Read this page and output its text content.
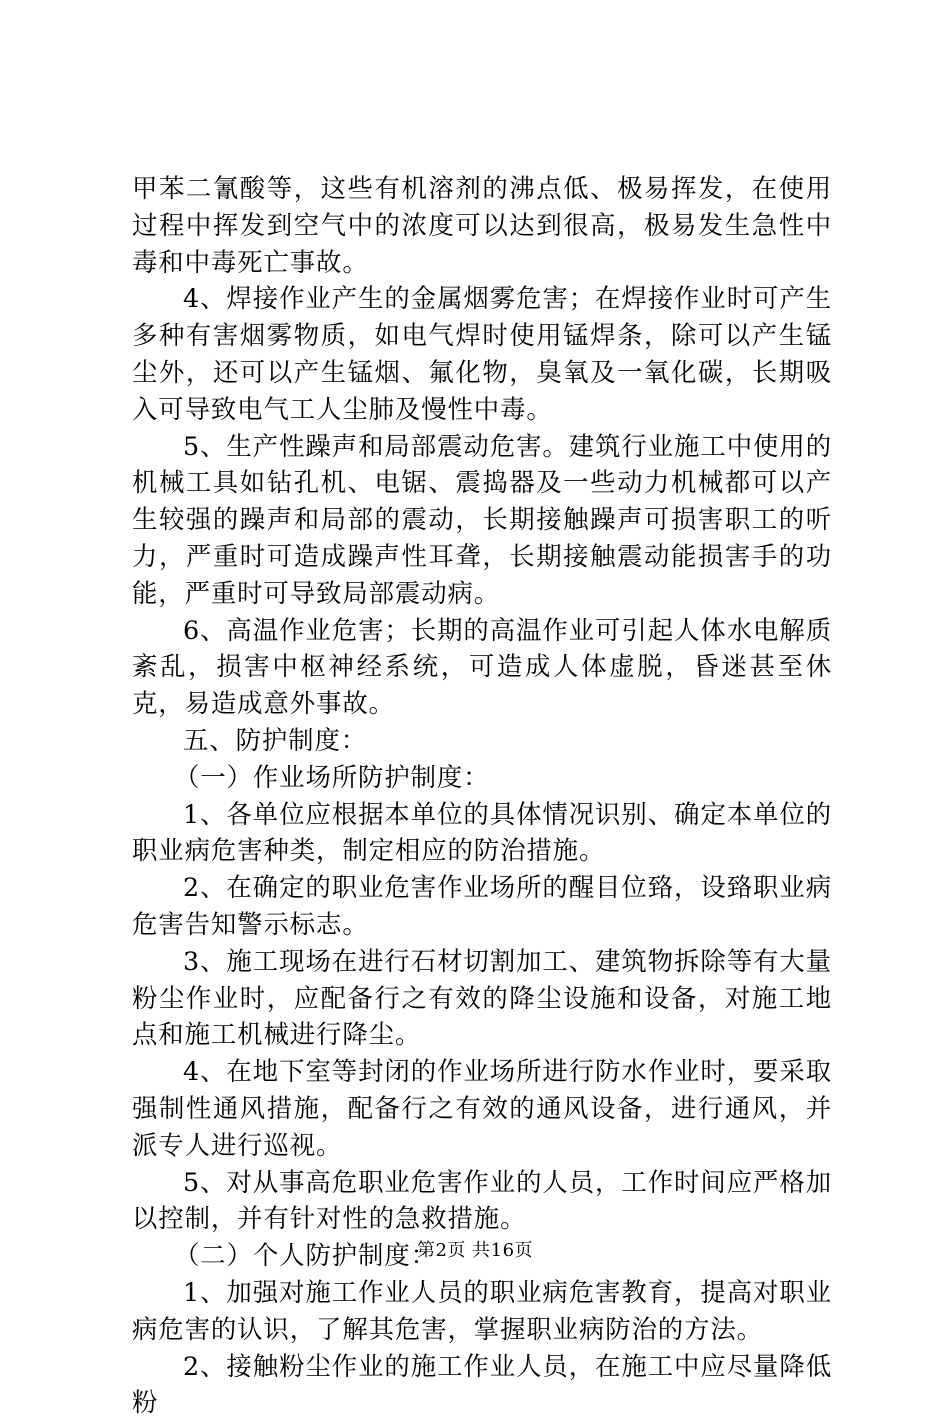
甲苯二氰酸等，这些有机溶剂的沸点低、极易挥发，在使用过程中挥发到空气中的浓度可以达到很高，极易发生急性中毒和中毒死亡事故。

4、焊接作业产生的金属烟雾危害；在焊接作业时可产生多种有害烟雾物质，如电气焊时使用锰焊条，除可以产生锰尘外，还可以产生锰烟、氟化物，臭氧及一氧化碳，长期吸入可导致电气工人尘肺及慢性中毒。

5、生产性躁声和局部震动危害。建筑行业施工中使用的机械工具如钻孔机、电锯、震捣器及一些动力机械都可以产生较强的躁声和局部的震动，长期接触躁声可损害职工的听力，严重时可造成躁声性耳聋，长期接触震动能损害手的功能，严重时可导致局部震动病。

6、高温作业危害；长期的高温作业可引起人体水电解质紊乱，损害中枢神经系统，可造成人体虚脱，昏迷甚至休克，易造成意外事故。

五、防护制度：

（一）作业场所防护制度：

1、各单位应根据本单位的具体情况识别、确定本单位的职业病危害种类，制定相应的防治措施。

2、在确定的职业危害作业场所的醒目位臵，设臵职业病危害告知警示标志。

3、施工现场在进行石材切割加工、建筑物拆除等有大量粉尘作业时，应配备行之有效的降尘设施和设备，对施工地点和施工机械进行降尘。

4、在地下室等封闭的作业场所进行防水作业时，要采取强制性通风措施，配备行之有效的通风设备，进行通风，并派专人进行巡视。

5、对从事高危职业危害作业的人员，工作时间应严格加以控制，并有针对性的急救措施。

（二）个人防护制度：

1、加强对施工作业人员的职业病危害教育，提高对职业病危害的认识，了解其危害，掌握职业病防治的方法。

2、接触粉尘作业的施工作业人员，在施工中应尽量降低粉

第2页 共16页
